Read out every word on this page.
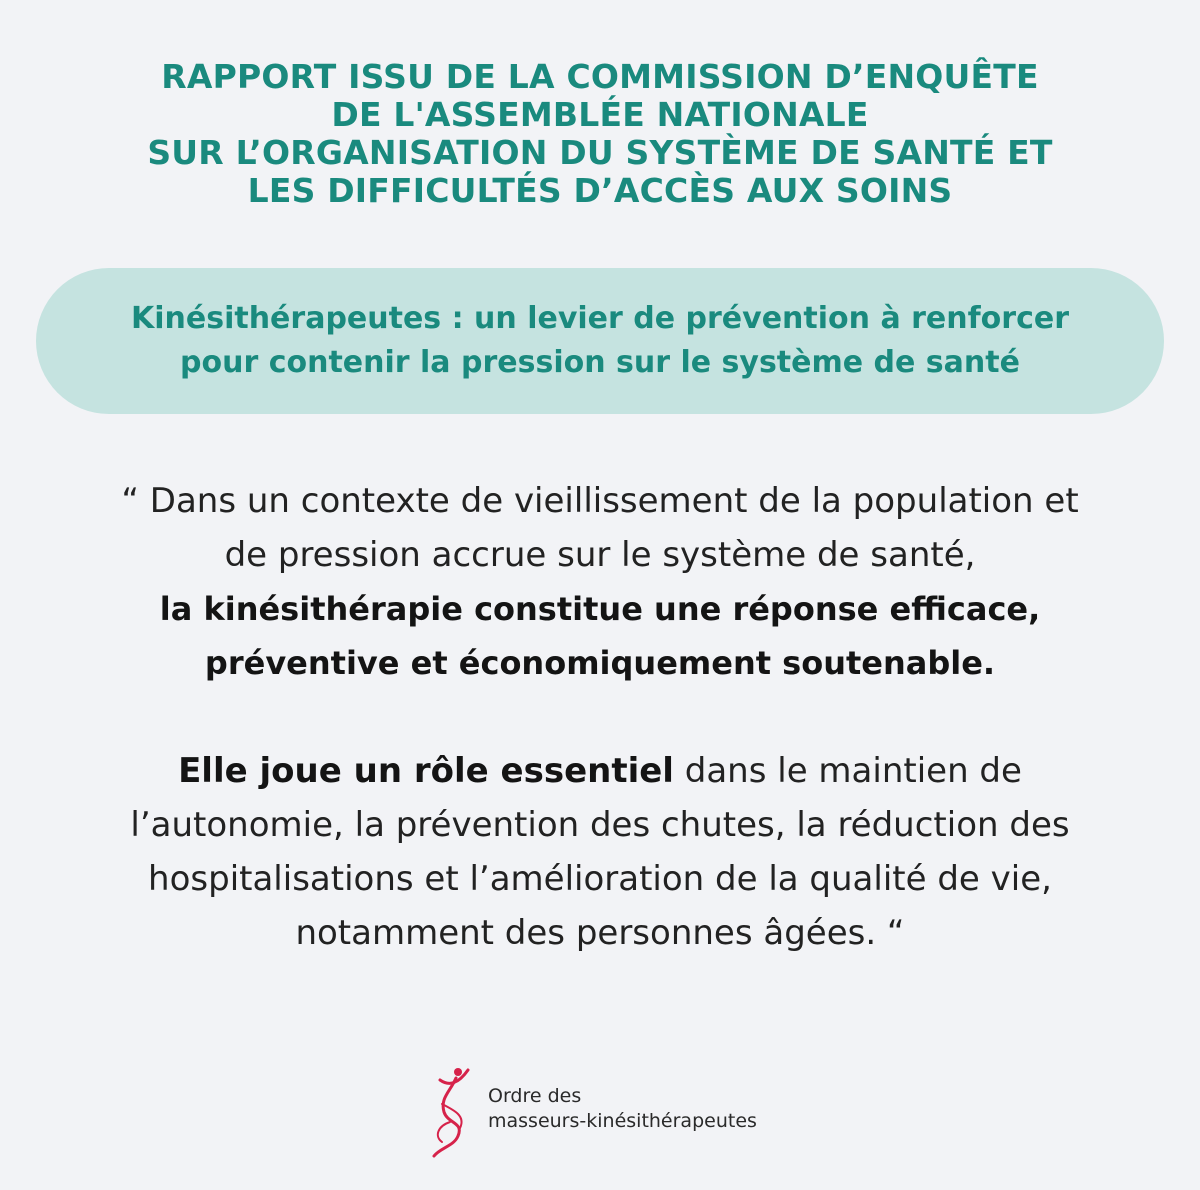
RAPPORT ISSU DE LA COMMISSION D’ENQUÊTE
DE L'ASSEMBLÉE NATIONALE
SUR L’ORGANISATION DU SYSTÈME DE SANTÉ ET
LES DIFFICULTÉS D’ACCÈS AUX SOINS
Kinésithérapeutes : un levier de prévention à renforcer
pour contenir la pression sur le système de santé
“ Dans un contexte de vieillissement de la population et
de pression accrue sur le système de santé,
la kinésithérapie constitue une réponse efficace,
préventive et économiquement soutenable.
Elle joue un rôle essentiel dans le maintien de
l’autonomie, la prévention des chutes, la réduction des
hospitalisations et l’amélioration de la qualité de vie,
notamment des personnes âgées. “
Ordre des
masseurs-kinésithérapeutes
